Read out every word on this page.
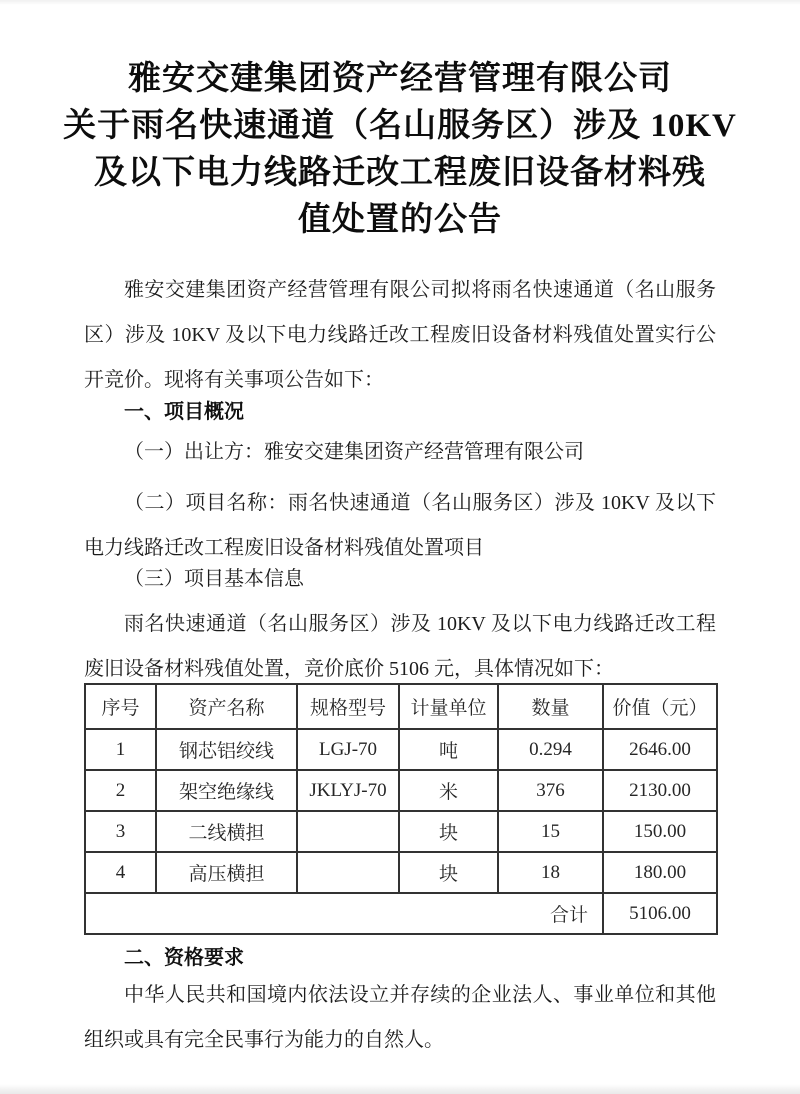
雅安交建集团资产经营管理有限公司
关于雨名快速通道（名山服务区）涉及 10KV
及以下电力线路迁改工程废旧设备材料残
值处置的公告

雅安交建集团资产经营管理有限公司拟将雨名快速通道（名山服务区）涉及 10KV 及以下电力线路迁改工程废旧设备材料残值处置实行公开竞价。现将有关事项公告如下：

一、项目概况

（一）出让方：雅安交建集团资产经营管理有限公司

（二）项目名称：雨名快速通道（名山服务区）涉及 10KV 及以下电力线路迁改工程废旧设备材料残值处置项目

（三）项目基本信息

雨名快速通道（名山服务区）涉及 10KV 及以下电力线路迁改工程废旧设备材料残值处置，竞价底价 5106 元，具体情况如下：

序号	资产名称	规格型号	计量单位	数量	价值（元）
1	钢芯铝绞线	LGJ-70	吨	0.294	2646.00
2	架空绝缘线	JKLYJ-70	米	376	2130.00
3	二线横担		块	15	150.00
4	高压横担		块	18	180.00
合计					5106.00

二、资格要求

中华人民共和国境内依法设立并存续的企业法人、事业单位和其他组织或具有完全民事行为能力的自然人。
